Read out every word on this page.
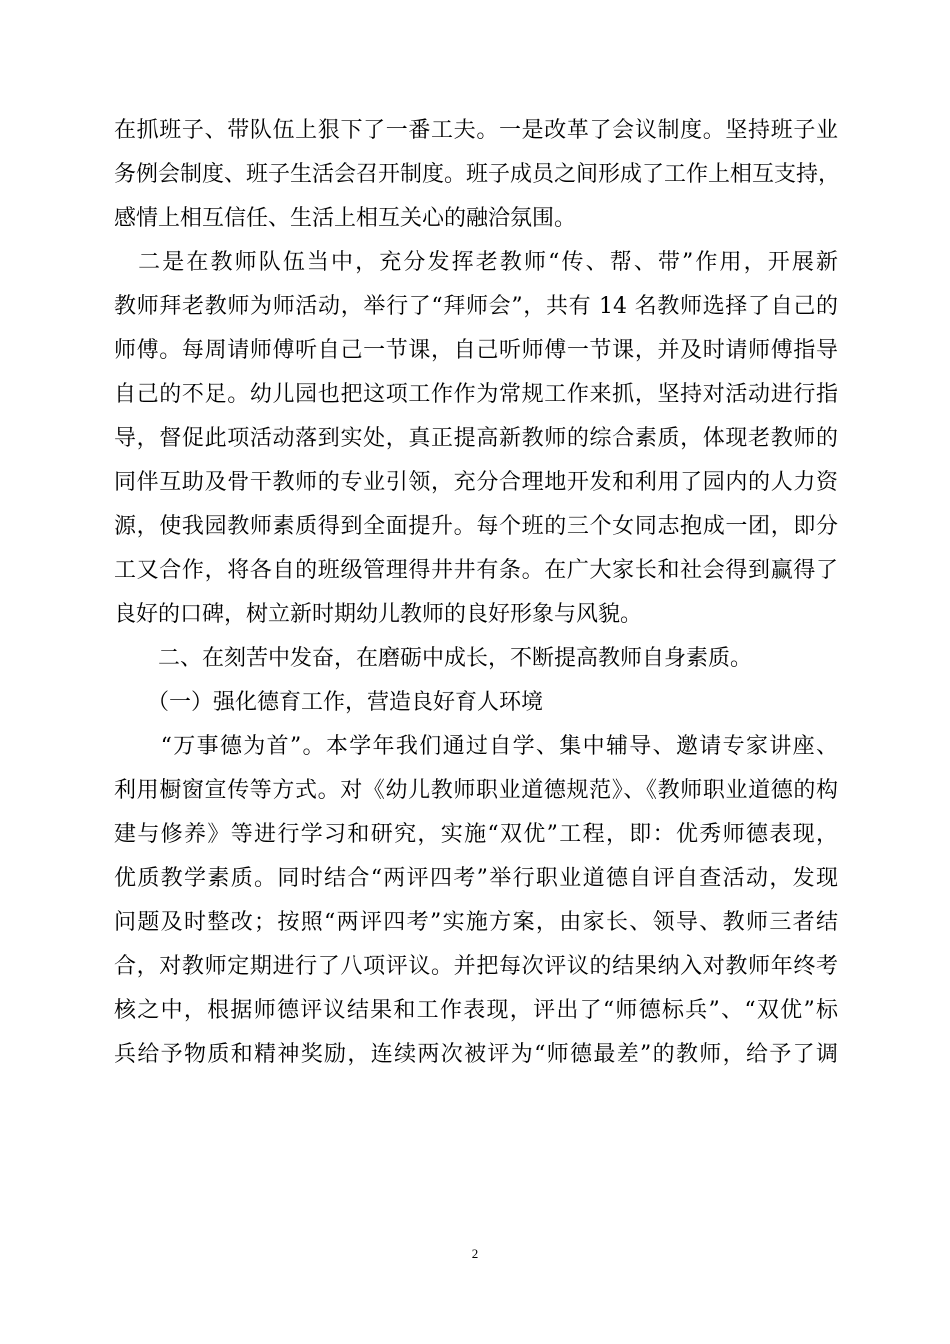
在抓班子、带队伍上狠下了一番工夫。一是改革了会议制度。坚持班子业
务例会制度、班子生活会召开制度。班子成员之间形成了工作上相互支持，
感情上相互信任、生活上相互关心的融洽氛围。
　二是在教师队伍当中，充分发挥老教师“传、帮、带”作用，开展新
教师拜老教师为师活动，举行了“拜师会”，共有 14 名教师选择了自己的
师傅。每周请师傅听自己一节课，自己听师傅一节课，并及时请师傅指导
自己的不足。幼儿园也把这项工作作为常规工作来抓，坚持对活动进行指
导，督促此项活动落到实处，真正提高新教师的综合素质，体现老教师的
同伴互助及骨干教师的专业引领，充分合理地开发和利用了园内的人力资
源，使我园教师素质得到全面提升。每个班的三个女同志抱成一团，即分
工又合作，将各自的班级管理得井井有条。在广大家长和社会得到赢得了
良好的口碑，树立新时期幼儿教师的良好形象与风貌。
　　二、在刻苦中发奋，在磨砺中成长，不断提高教师自身素质。
　　（一）强化德育工作，营造良好育人环境
　　“万事德为首”。本学年我们通过自学、集中辅导、邀请专家讲座、
利用橱窗宣传等方式。对《幼儿教师职业道德规范》、《教师职业道德的构
建与修养》等进行学习和研究，实施“双优”工程，即：优秀师德表现，
优质教学素质。同时结合“两评四考”举行职业道德自评自查活动，发现
问题及时整改；按照“两评四考”实施方案，由家长、领导、教师三者结
合，对教师定期进行了八项评议。并把每次评议的结果纳入对教师年终考
核之中，根据师德评议结果和工作表现，评出了“师德标兵”、“双优”标
兵给予物质和精神奖励，连续两次被评为“师德最差”的教师，给予了调
2
